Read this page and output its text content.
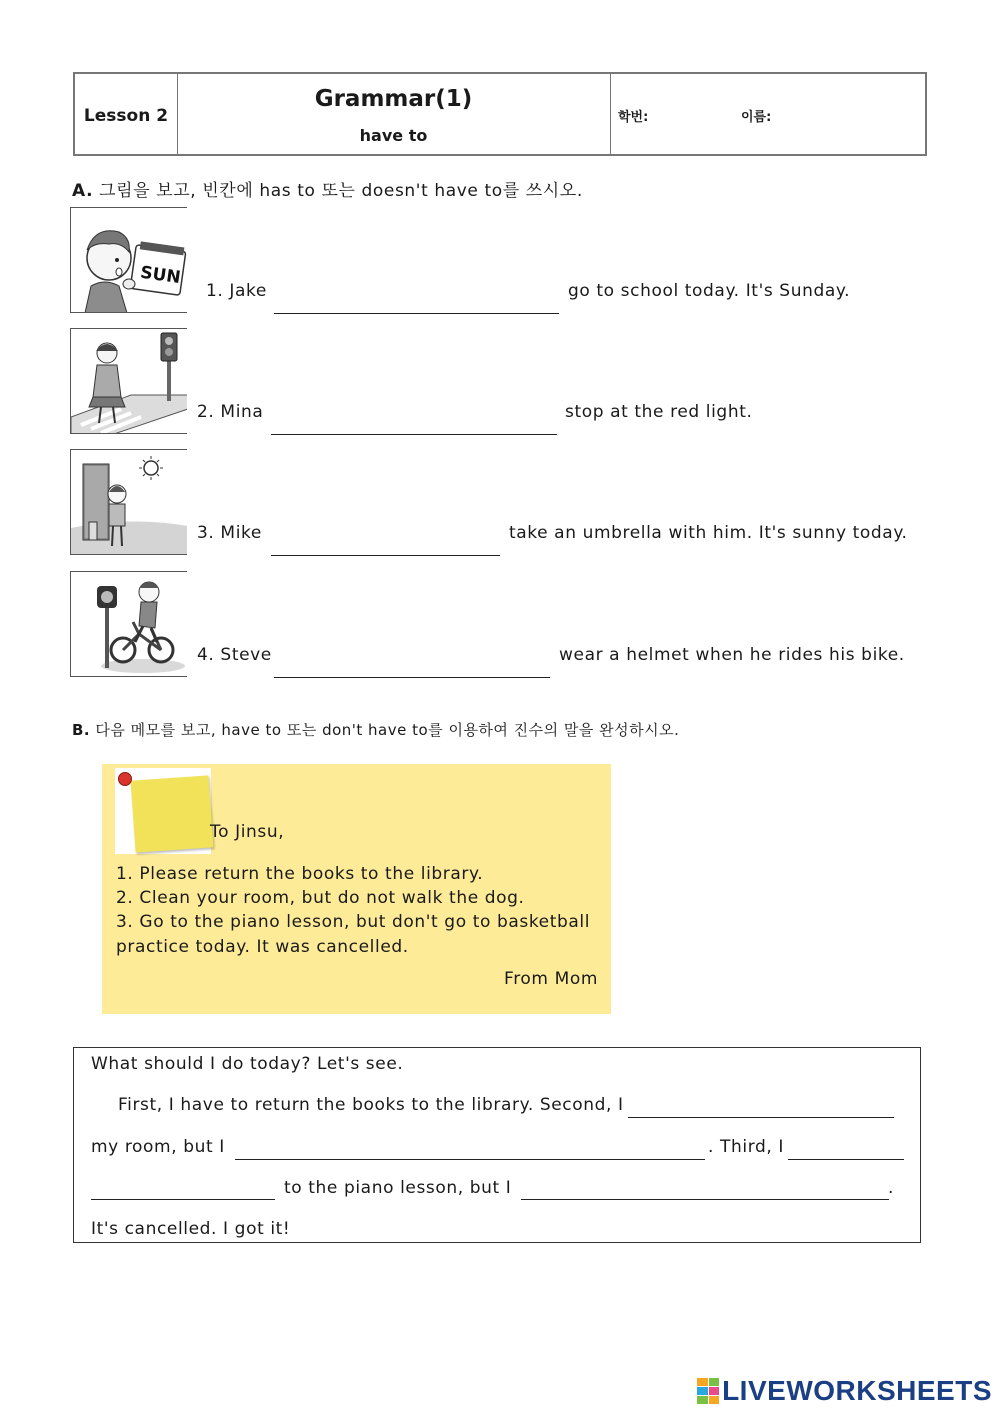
Lesson 2
Grammar(1)
have to
학번:	이름:
A. 그림을 보고, 빈칸에 has to 또는 doesn't have to를 쓰시오.
SUN
1. Jake	go to school today. It's Sunday.
2. Mina	stop at the red light.
3. Mike	take an umbrella with him. It's sunny today.
4. Steve	wear a helmet when he rides his bike.
B. 다음 메모를 보고, have to 또는 don't have to를 이용하여 진수의 말을 완성하시오.
To Jinsu,
1. Please return the books to the library.
2. Clean your room, but do not walk the dog.
3. Go to the piano lesson, but don't go to basketball
practice today. It was cancelled.
From Mom
What should I do today? Let's see.
First, I have to return the books to the library. Second, I
my room, but I	. Third, I
to the piano lesson, but I	.
It's cancelled. I got it!
LIVEWORKSHEETS
